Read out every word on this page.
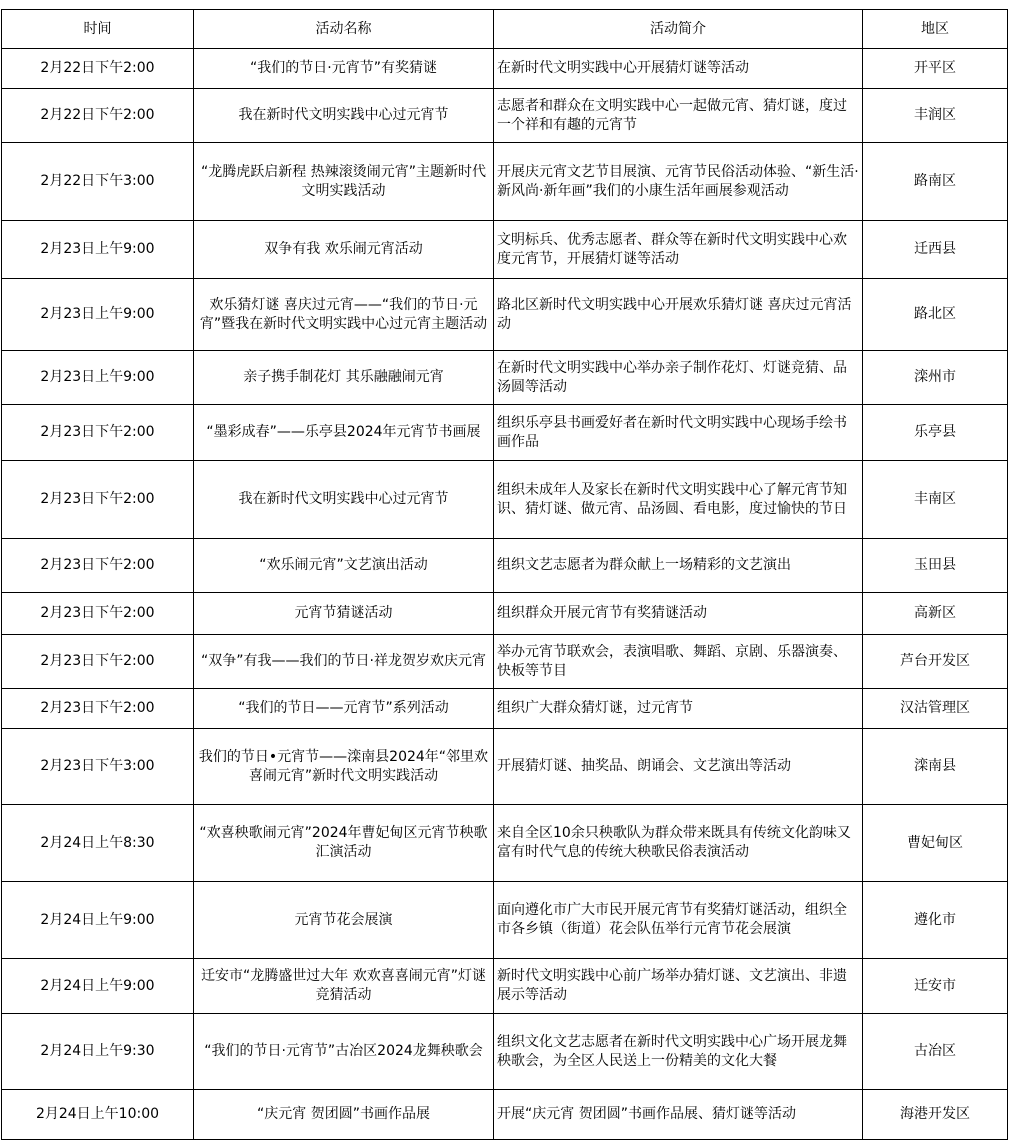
时间	活动名称	活动简介	地区
2月22日下午2:00	“我们的节日·元宵节”有奖猜谜	在新时代文明实践中心开展猜灯谜等活动	开平区
2月22日下午2:00	我在新时代文明实践中心过元宵节	志愿者和群众在文明实践中心一起做元宵、猜灯谜，度过一个祥和有趣的元宵节	丰润区
2月22日下午3:00	“龙腾虎跃启新程 热辣滚烫闹元宵”主题新时代文明实践活动	开展庆元宵文艺节目展演、元宵节民俗活动体验、“新生活·新风尚·新年画”我们的小康生活年画展参观活动	路南区
2月23日上午9:00	双争有我 欢乐闹元宵活动	文明标兵、优秀志愿者、群众等在新时代文明实践中心欢度元宵节，开展猜灯谜等活动	迁西县
2月23日上午9:00	欢乐猜灯谜 喜庆过元宵——“我们的节日·元宵”暨我在新时代文明实践中心过元宵主题活动	路北区新时代文明实践中心开展欢乐猜灯谜 喜庆过元宵活动	路北区
2月23日上午9:00	亲子携手制花灯 其乐融融闹元宵	在新时代文明实践中心举办亲子制作花灯、灯谜竞猜、品汤圆等活动	滦州市
2月23日下午2:00	“墨彩成春”——乐亭县2024年元宵节书画展	组织乐亭县书画爱好者在新时代文明实践中心现场手绘书画作品	乐亭县
2月23日下午2:00	我在新时代文明实践中心过元宵节	组织未成年人及家长在新时代文明实践中心了解元宵节知识、猜灯谜、做元宵、品汤圆、看电影，度过愉快的节日	丰南区
2月23日下午2:00	“欢乐闹元宵”文艺演出活动	组织文艺志愿者为群众献上一场精彩的文艺演出	玉田县
2月23日下午2:00	元宵节猜谜活动	组织群众开展元宵节有奖猜谜活动	高新区
2月23日下午2:00	“双争”有我——我们的节日·祥龙贺岁欢庆元宵	举办元宵节联欢会，表演唱歌、舞蹈、京剧、乐器演奏、快板等节目	芦台开发区
2月23日下午2:00	“我们的节日——元宵节”系列活动	组织广大群众猜灯谜，过元宵节	汉沽管理区
2月23日下午3:00	我们的节日•元宵节——滦南县2024年“邻里欢喜闹元宵”新时代文明实践活动	开展猜灯谜、抽奖品、朗诵会、文艺演出等活动	滦南县
2月24日上午8:30	“欢喜秧歌闹元宵”2024年曹妃甸区元宵节秧歌汇演活动	来自全区10余只秧歌队为群众带来既具有传统文化韵味又富有时代气息的传统大秧歌民俗表演活动	曹妃甸区
2月24日上午9:00	元宵节花会展演	面向遵化市广大市民开展元宵节有奖猜灯谜活动，组织全市各乡镇（街道）花会队伍举行元宵节花会展演	遵化市
2月24日上午9:00	迁安市“龙腾盛世过大年 欢欢喜喜闹元宵”灯谜竞猜活动	新时代文明实践中心前广场举办猜灯谜、文艺演出、非遗展示等活动	迁安市
2月24日上午9:30	“我们的节日·元宵节”古冶区2024龙舞秧歌会	组织文化文艺志愿者在新时代文明实践中心广场开展龙舞秧歌会，为全区人民送上一份精美的文化大餐	古冶区
2月24日上午10:00	“庆元宵 贺团圆”书画作品展	开展“庆元宵 贺团圆”书画作品展、猜灯谜等活动	海港开发区
